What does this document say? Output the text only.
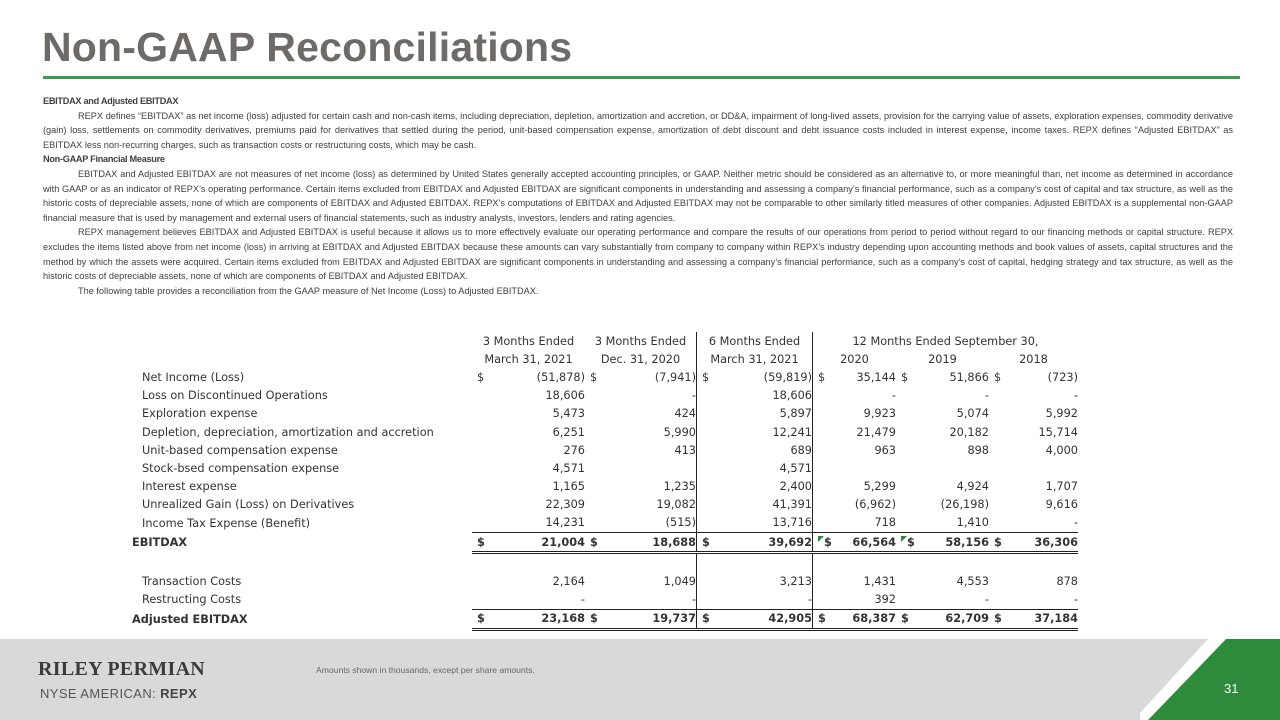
Non-GAAP Reconciliations
EBITDAX and Adjusted EBITDAX
REPX defines “EBITDAX” as net income (loss) adjusted for certain cash and non-cash items, including depreciation, depletion, amortization and accretion, or DD&A, impairment of long-lived assets, provision for the carrying value of assets, exploration expenses, commodity derivative (gain) loss, settlements on commodity derivatives, premiums paid for derivatives that settled during the period, unit-based compensation expense, amortization of debt discount and debt issuance costs included in interest expense, income taxes. REPX defines “Adjusted EBITDAX” as EBITDAX less non-recurring charges, such as transaction costs or restructuring costs, which may be cash.
Non-GAAP Financial Measure
EBITDAX and Adjusted EBITDAX are not measures of net income (loss) as determined by United States generally accepted accounting principles, or GAAP. Neither metric should be considered as an alternative to, or more meaningful than, net income as determined in accordance with GAAP or as an indicator of REPX’s operating performance. Certain items excluded from EBITDAX and Adjusted EBITDAX are significant components in understanding and assessing a company’s financial performance, such as a company’s cost of capital and tax structure, as well as the historic costs of depreciable assets, none of which are components of EBITDAX and Adjusted EBITDAX. REPX’s computations of EBITDAX and Adjusted EBITDAX may not be comparable to other similarly titled measures of other companies. Adjusted EBITDAX is a supplemental non-GAAP financial measure that is used by management and external users of financial statements, such as industry analysts, investors, lenders and rating agencies.
REPX management believes EBITDAX and Adjusted EBITDAX is useful because it allows us to more effectively evaluate our operating performance and compare the results of our operations from period to period without regard to our financing methods or capital structure. REPX excludes the items listed above from net income (loss) in arriving at EBITDAX and Adjusted EBITDAX because these amounts can vary substantially from company to company within REPX’s industry depending upon accounting methods and book values of assets, capital structures and the method by which the assets were acquired. Certain items excluded from EBITDAX and Adjusted EBITDAX are significant components in understanding and assessing a company’s financial performance, such as a company’s cost of capital, hedging strategy and tax structure, as well as the historic costs of depreciable assets, none of which are components of EBITDAX and Adjusted EBITDAX.
The following table provides a reconciliation from the GAAP measure of Net Income (Loss) to Adjusted EBITDAX.
	3 Months Ended		3 Months Ended		6 Months Ended		12 Months Ended September 30,					
	March 31, 2021		Dec. 31, 2020		March 31, 2021		2020		2019		2018	
Net Income (Loss)	$	(51,878)	$	(7,941)	$	(59,819)	$	35,144	$	51,866	$	(723)
Loss on Discontinued Operations		18,606		-		18,606		-		-		-
Exploration expense		5,473		424		5,897		9,923		5,074		5,992
Depletion, depreciation, amortization and accretion		6,251		5,990		12,241		21,479		20,182		15,714
Unit-based compensation expense		276		413		689		963		898		4,000
Stock-bsed compensation expense		4,571				4,571						
Interest expense		1,165		1,235		2,400		5,299		4,924		1,707
Unrealized Gain (Loss) on Derivatives		22,309		19,082		41,391		(6,962)		(26,198)		9,616
Income Tax Expense (Benefit)		14,231		(515)		13,716		718		1,410		-
EBITDAX	$	21,004	$	18,688	$	39,692	$	66,564	$	58,156	$	36,306

Transaction Costs		2,164		1,049		3,213		1,431		4,553		878
Restructing Costs		-		-		-		392		-		-
Adjusted EBITDAX	$	23,168	$	19,737	$	42,905	$	68,387	$	62,709	$	37,184
RILEY PERMIAN
NYSE AMERICAN: REPX
Amounts shown in thousands, except per share amounts.
31
